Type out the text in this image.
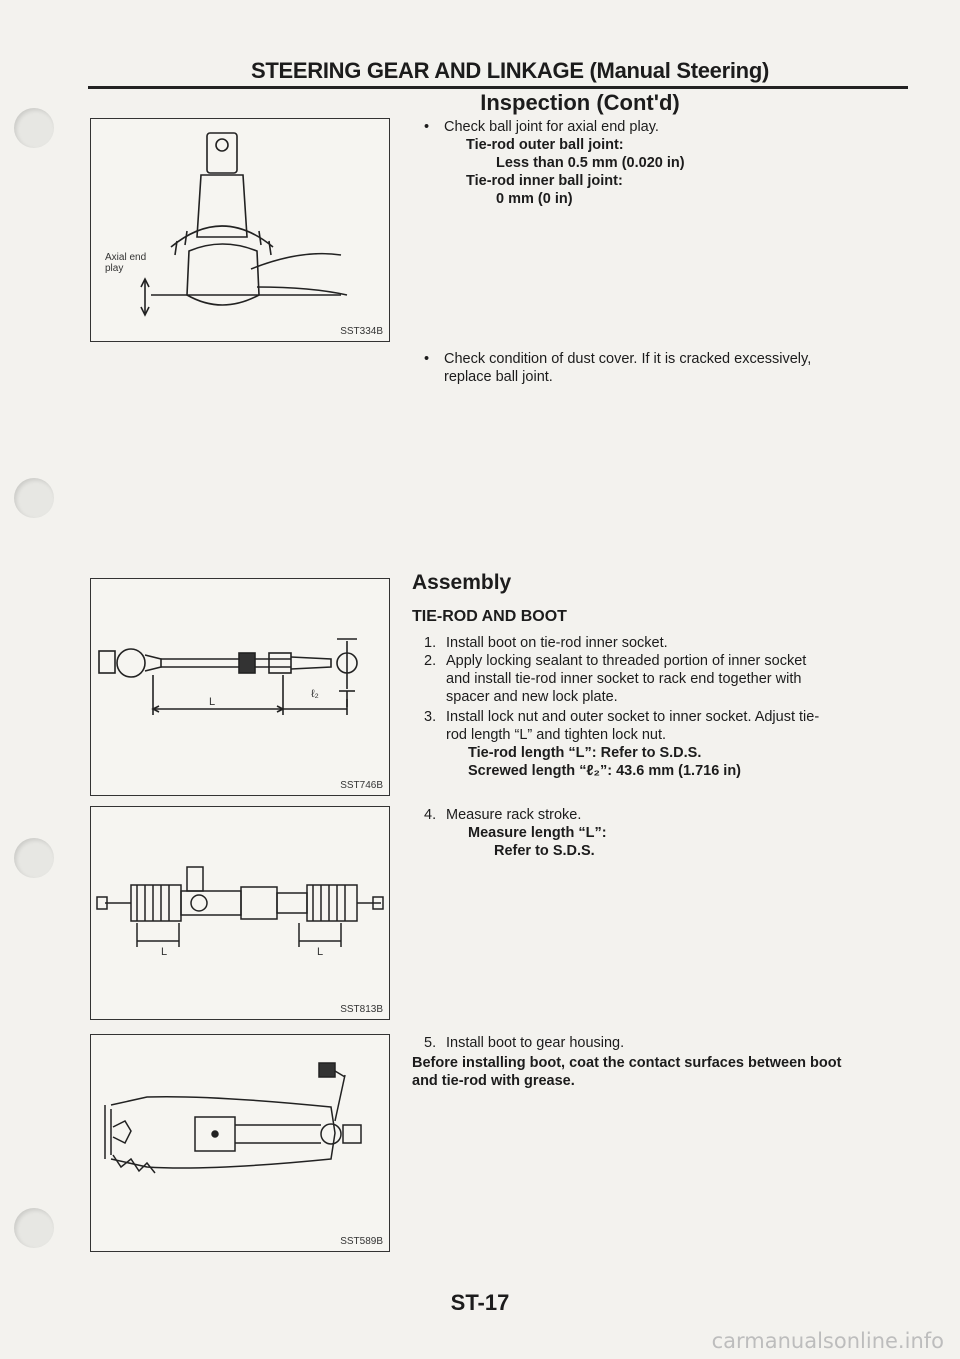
STEERING GEAR AND LINKAGE (Manual Steering)
Inspection (Cont'd)
Axial end
play
SST334B
• Check ball joint for axial end play.
Tie-rod outer ball joint:
Less than 0.5 mm (0.020 in)
Tie-rod inner ball joint:
0 mm (0 in)
• Check condition of dust cover. If it is cracked excessively,
replace ball joint.
L
ℓ₂
SST746B
Assembly
TIE-ROD AND BOOT
1. Install boot on tie-rod inner socket.
2. Apply locking sealant to threaded portion of inner socket
and install tie-rod inner socket to rack end together with
spacer and new lock plate.
3. Install lock nut and outer socket to inner socket. Adjust tie-
rod length “L” and tighten lock nut.
Tie-rod length “L”: Refer to S.D.S.
Screwed length “ℓ₂”: 43.6 mm (1.716 in)
L	L
SST813B
4. Measure rack stroke.
Measure length “L”:
Refer to S.D.S.
SST589B
5. Install boot to gear housing.
Before installing boot, coat the contact surfaces between boot
and tie-rod with grease.
ST-17
carmanualsonline.info
